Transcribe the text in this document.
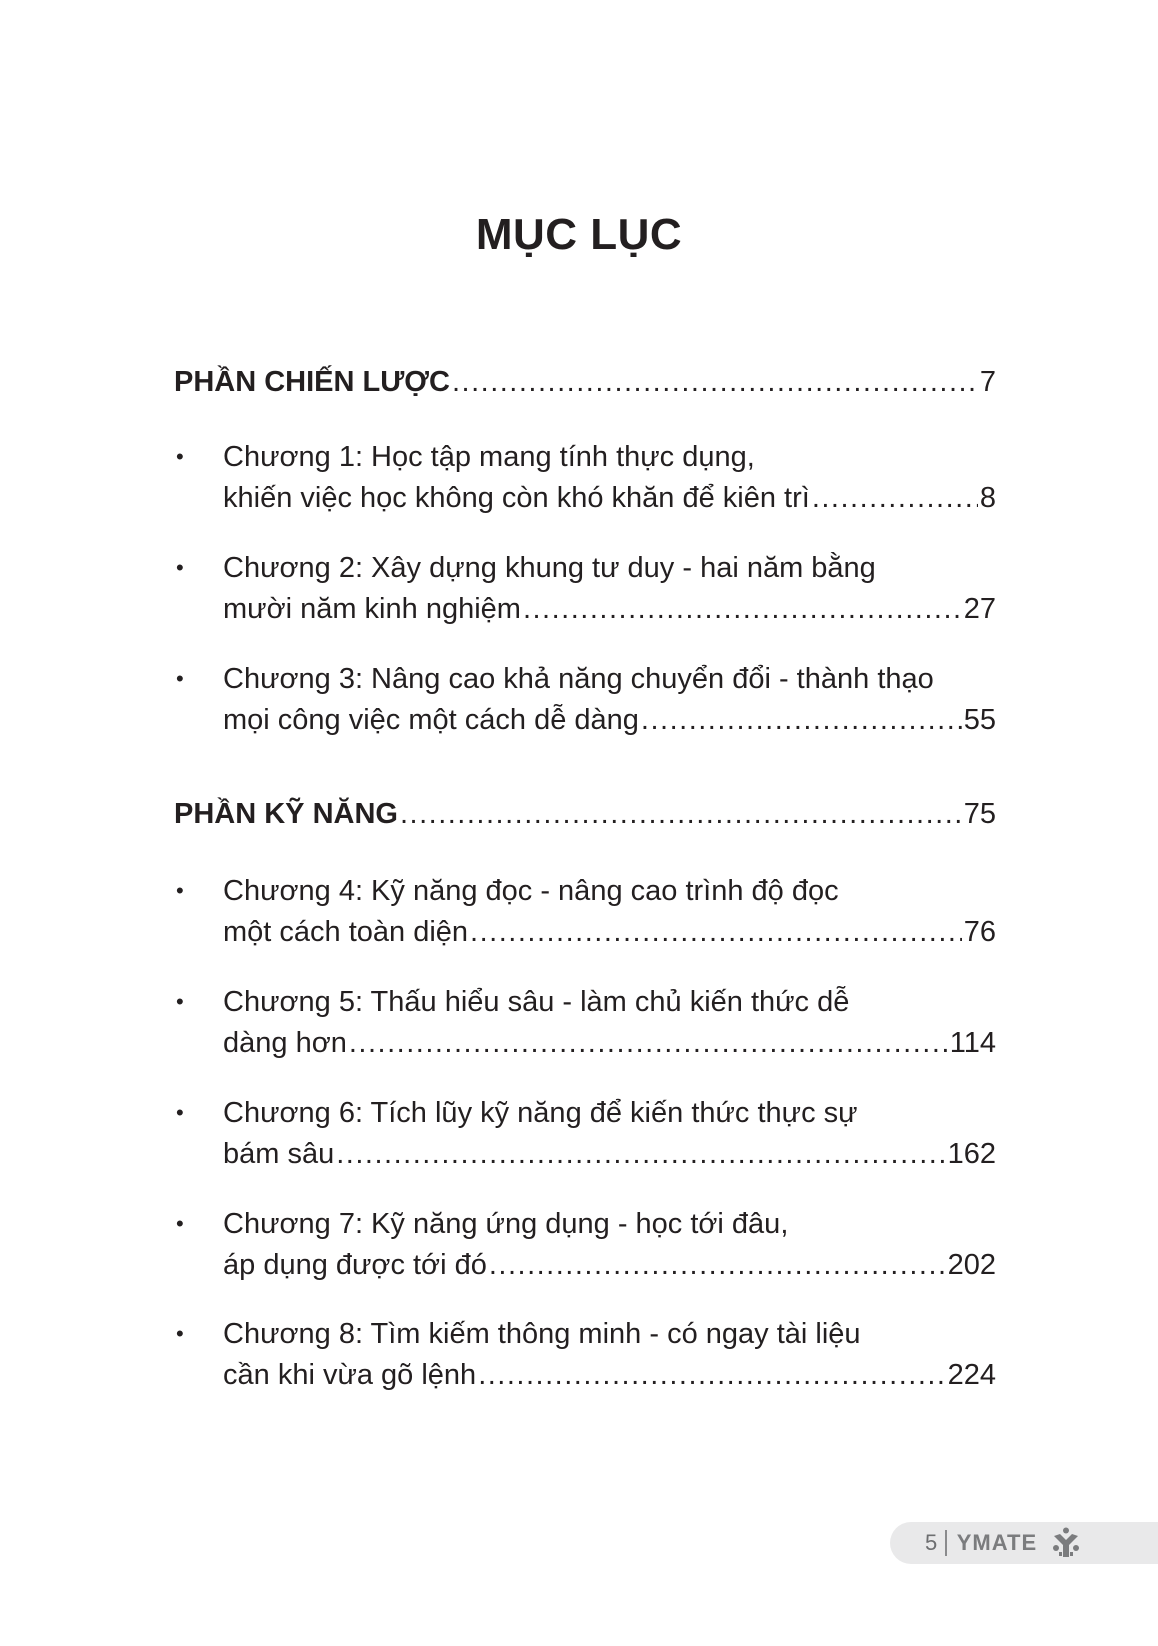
MỤC LỤC
PHẦN CHIẾN LƯỢC .....	7
• Chương 1: Học tập mang tính thực dụng,
khiến việc học không còn khó khăn để kiên trì .....	8
• Chương 2: Xây dựng khung tư duy - hai năm bằng
mười năm kinh nghiệm .....	27
• Chương 3: Nâng cao khả năng chuyển đổi - thành thạo
mọi công việc một cách dễ dàng .....	55
PHẦN KỸ NĂNG .....	75
• Chương 4: Kỹ năng đọc - nâng cao trình độ đọc
một cách toàn diện .....	76
• Chương 5: Thấu hiểu sâu - làm chủ kiến thức dễ
dàng hơn .....	114
• Chương 6: Tích lũy kỹ năng để kiến thức thực sự
bám sâu .....	162
• Chương 7: Kỹ năng ứng dụng - học tới đâu,
áp dụng được tới đó .....	202
• Chương 8: Tìm kiếm thông minh - có ngay tài liệu
cần khi vừa gõ lệnh .....	224
5 YMATE
